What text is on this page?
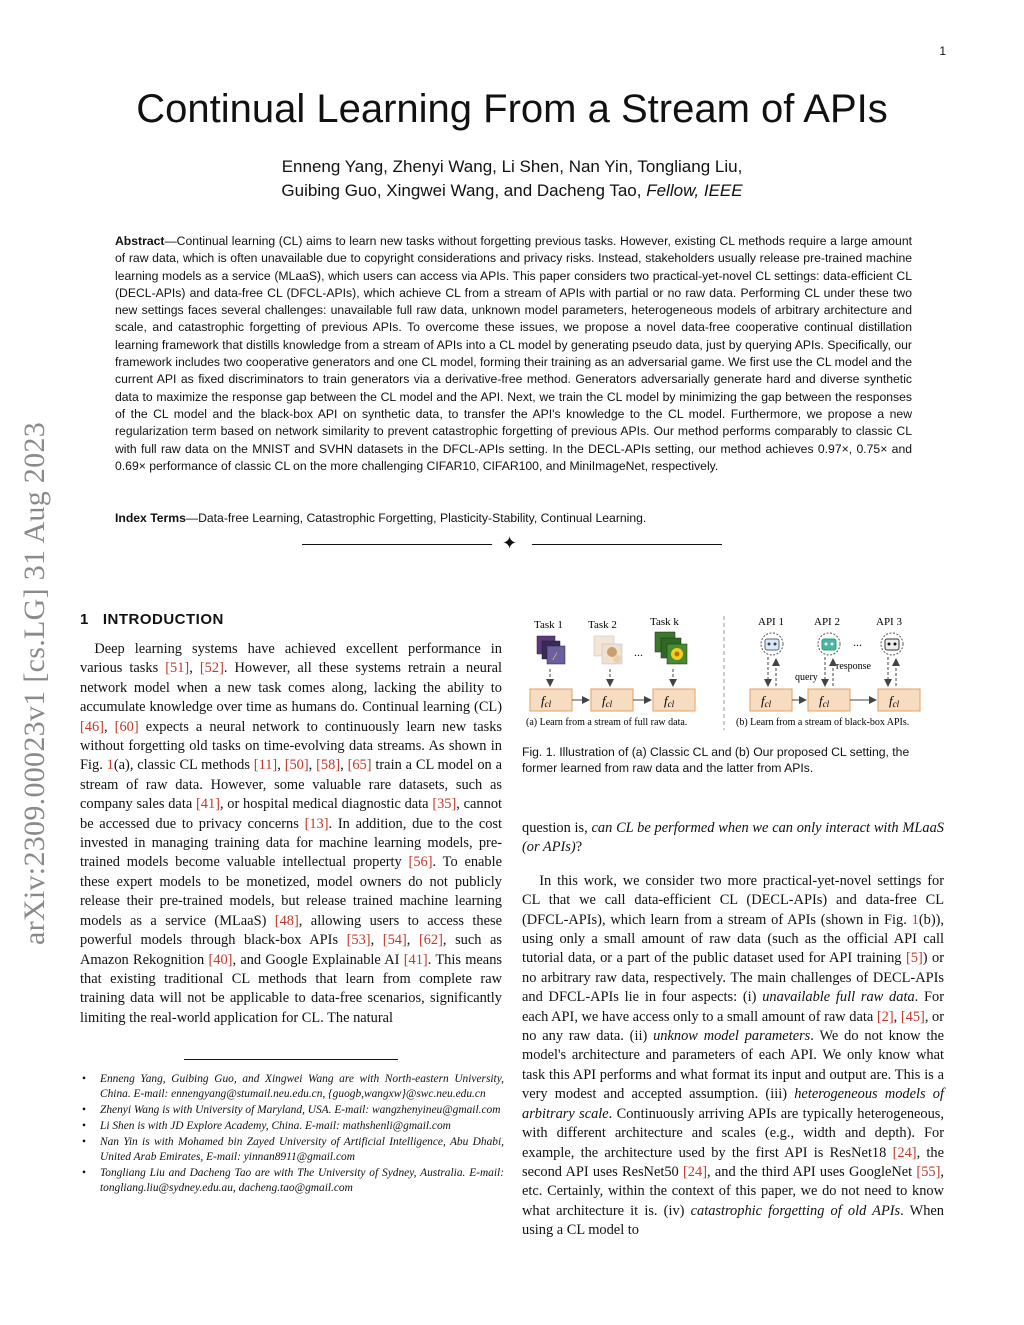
1
arXiv:2309.00023v1 [cs.LG] 31 Aug 2023
Continual Learning From a Stream of APIs
Enneng Yang, Zhenyi Wang, Li Shen, Nan Yin, Tongliang Liu,
Guibing Guo, Xingwei Wang, and Dacheng Tao, Fellow, IEEE
Abstract—Continual learning (CL) aims to learn new tasks without forgetting previous tasks. However, existing CL methods require a large amount of raw data, which is often unavailable due to copyright considerations and privacy risks. Instead, stakeholders usually release pre-trained machine learning models as a service (MLaaS), which users can access via APIs. This paper considers two practical-yet-novel CL settings: data-efficient CL (DECL-APIs) and data-free CL (DFCL-APIs), which achieve CL from a stream of APIs with partial or no raw data. Performing CL under these two new settings faces several challenges: unavailable full raw data, unknown model parameters, heterogeneous models of arbitrary architecture and scale, and catastrophic forgetting of previous APIs. To overcome these issues, we propose a novel data-free cooperative continual distillation learning framework that distills knowledge from a stream of APIs into a CL model by generating pseudo data, just by querying APIs. Specifically, our framework includes two cooperative generators and one CL model, forming their training as an adversarial game. We first use the CL model and the current API as fixed discriminators to train generators via a derivative-free method. Generators adversarially generate hard and diverse synthetic data to maximize the response gap between the CL model and the API. Next, we train the CL model by minimizing the gap between the responses of the CL model and the black-box API on synthetic data, to transfer the API's knowledge to the CL model. Furthermore, we propose a new regularization term based on network similarity to prevent catastrophic forgetting of previous APIs. Our method performs comparably to classic CL with full raw data on the MNIST and SVHN datasets in the DFCL-APIs setting. In the DECL-APIs setting, our method achieves 0.97×, 0.75× and 0.69× performance of classic CL on the more challenging CIFAR10, CIFAR100, and MiniImageNet, respectively.
Index Terms—Data-free Learning, Catastrophic Forgetting, Plasticity-Stability, Continual Learning.
✦
1 INTRODUCTION

Deep learning systems have achieved excellent performance in various tasks [51], [52]. However, all these systems retrain a neural network model when a new task comes along, lacking the ability to accumulate knowledge over time as humans do. Continual learning (CL) [46], [60] expects a neural network to continuously learn new tasks without forgetting old tasks on time-evolving data streams. As shown in Fig. 1(a), classic CL methods [11], [50], [58], [65] train a CL model on a stream of raw data. However, some valuable rare datasets, such as company sales data [41], or hospital medical diagnostic data [35], cannot be accessed due to privacy concerns [13]. In addition, due to the cost invested in managing training data for machine learning models, pre-trained models become valuable intellectual property [56]. To enable these expert models to be monetized, model owners do not publicly release their pre-trained models, but release trained machine learning models as a service (MLaaS) [48], allowing users to access these powerful models through black-box APIs [53], [54], [62], such as Amazon Rekognition [40], and Google Explainable AI [41]. This means that existing traditional CL methods that learn from complete raw training data will not be applicable to data-free scenarios, significantly limiting the real-world application for CL. The natural

Task 1 Task 2	Task k
/	...
fcl	fcl	fcl
(a) Learn from a stream of full raw data.
API 1	API 2	API 3
...
query
response
fcl	fcl	fcl
(b) Learn from a stream of black-box APIs.
Fig. 1. Illustration of (a) Classic CL and (b) Our proposed CL setting, the former learned from raw data and the latter from APIs.

question is, can CL be performed when we can only interact with MLaaS (or APIs)?

In this work, we consider two more practical-yet-novel settings for CL that we call data-efficient CL (DECL-APIs) and data-free CL (DFCL-APIs), which learn from a stream of APIs (shown in Fig. 1(b)), using only a small amount of raw data (such as the official API call tutorial data, or a part of the public dataset used for API training [5]) or no arbitrary raw data, respectively. The main challenges of DECL-APIs and DFCL-APIs lie in four aspects: (i) unavailable full raw data. For each API, we have access only to a small amount of raw data [2], [45], or no any raw data. (ii) unknow model parameters. We do not know the model's architecture and parameters of each API. We only know what task this API performs and what format its input and output are. This is a very modest and accepted assumption. (iii) heterogeneous models of arbitrary scale. Continuously arriving APIs are typically heterogeneous, with different architecture and scales (e.g., width and depth). For example, the architecture used by the first API is ResNet18 [24], the second API uses ResNet50 [24], and the third API uses GoogleNet [55], etc. Certainly, within the context of this paper, we do not need to know what architecture it is. (iv) catastrophic forgetting of old APIs. When using a CL model to

• Enneng Yang, Guibing Guo, and Xingwei Wang are with North-eastern University, China. E-mail: ennengyang@stumail.neu.edu.cn, {guogb,wangxw}@swc.neu.edu.cn
• Zhenyi Wang is with University of Maryland, USA. E-mail: wangzhenyineu@gmail.com
• Li Shen is with JD Explore Academy, China. E-mail: mathshenli@gmail.com
• Nan Yin is with Mohamed bin Zayed University of Artificial Intelligence, Abu Dhabi, United Arab Emirates, E-mail: yinnan8911@gmail.com
• Tongliang Liu and Dacheng Tao are with The University of Sydney, Australia. E-mail: tongliang.liu@sydney.edu.au, dacheng.tao@gmail.com
